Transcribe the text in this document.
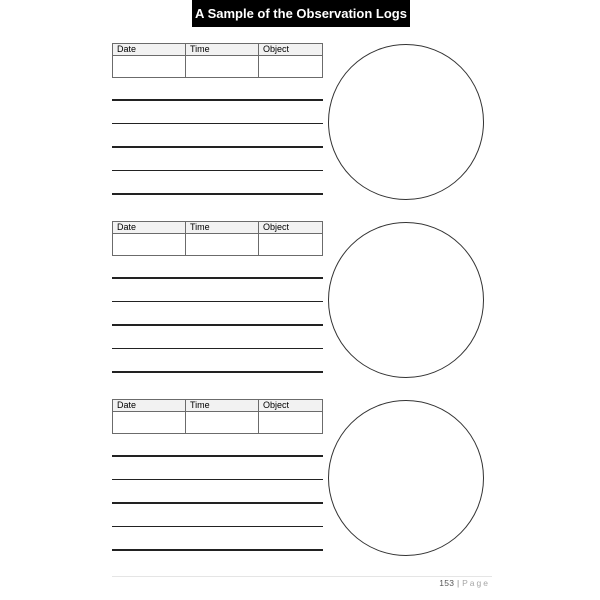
A Sample of the Observation Logs
Date	Time	Object

Date	Time	Object

Date	Time	Object

153 | Page
